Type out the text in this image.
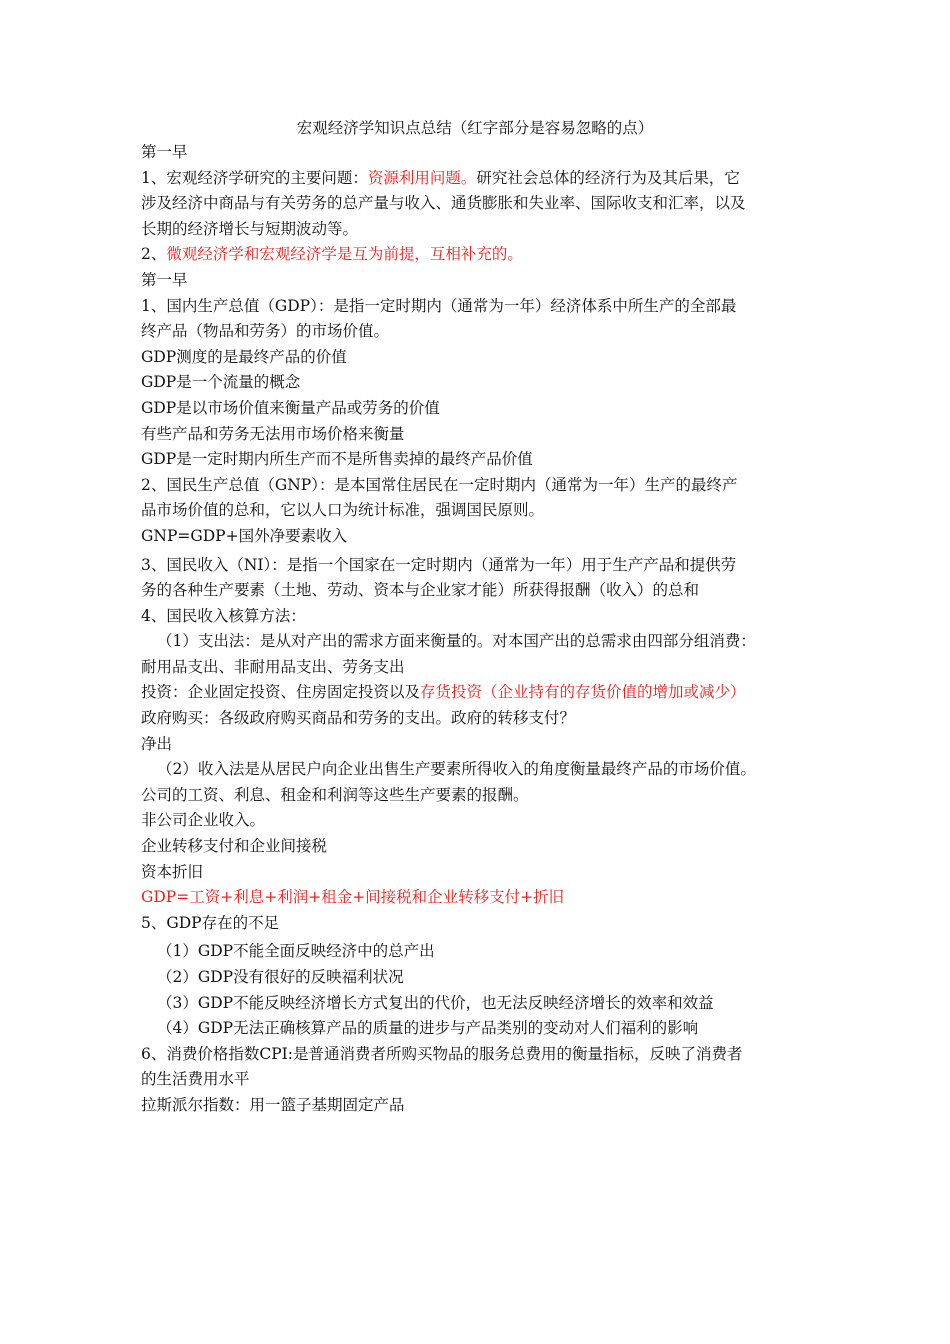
宏观经济学知识点总结（红字部分是容易忽略的点）
第一早
1、宏观经济学研究的主要问题：资源利用问题。研究社会总体的经济行为及其后果，它
涉及经济中商品与有关劳务的总产量与收入、通货膨胀和失业率、国际收支和汇率，以及
长期的经济增长与短期波动等。
2、微观经济学和宏观经济学是互为前提，互相补充的。
第一早
1、国内生产总值（GDP）：是指一定时期内（通常为一年）经济体系中所生产的全部最
终产品（物品和劳务）的市场价值。
GDP测度的是最终产品的价值
GDP是一个流量的概念
GDP是以市场价值来衡量产品或劳务的价值
有些产品和劳务无法用市场价格来衡量
GDP是一定时期内所生产而不是所售卖掉的最终产品价值
2、国民生产总值（GNP）：是本国常住居民在一定时期内（通常为一年）生产的最终产
品市场价值的总和，它以人口为统计标准，强调国民原则。
GNP=GDP+国外净要素收入
3、国民收入（NI）：是指一个国家在一定时期内（通常为一年）用于生产产品和提供劳
务的各种生产要素（土地、劳动、资本与企业家才能）所获得报酬（收入）的总和
4、国民收入核算方法：
（1）支出法：是从对产出的需求方面来衡量的。对本国产出的总需求由四部分组消费：
耐用品支出、非耐用品支出、劳务支出
投资：企业固定投资、住房固定投资以及存货投资（企业持有的存货价值的增加或减少）
政府购买：各级政府购买商品和劳务的支出。政府的转移支付？
净出
（2）收入法是从居民户向企业出售生产要素所得收入的角度衡量最终产品的市场价值。
公司的工资、利息、租金和利润等这些生产要素的报酬。
非公司企业收入。
企业转移支付和企业间接税
资本折旧
GDP=工资+利息+利润+租金+间接税和企业转移支付+折旧
5、GDP存在的不足
（1）GDP不能全面反映经济中的总产出
（2）GDP没有很好的反映福利状况
（3）GDP不能反映经济增长方式复出的代价，也无法反映经济增长的效率和效益
（4）GDP无法正确核算产品的质量的进步与产品类别的变动对人们福利的影响
6、消费价格指数CPI:是普通消费者所购买物品的服务总费用的衡量指标，反映了消费者
的生活费用水平
拉斯派尔指数：用一篮子基期固定产品
